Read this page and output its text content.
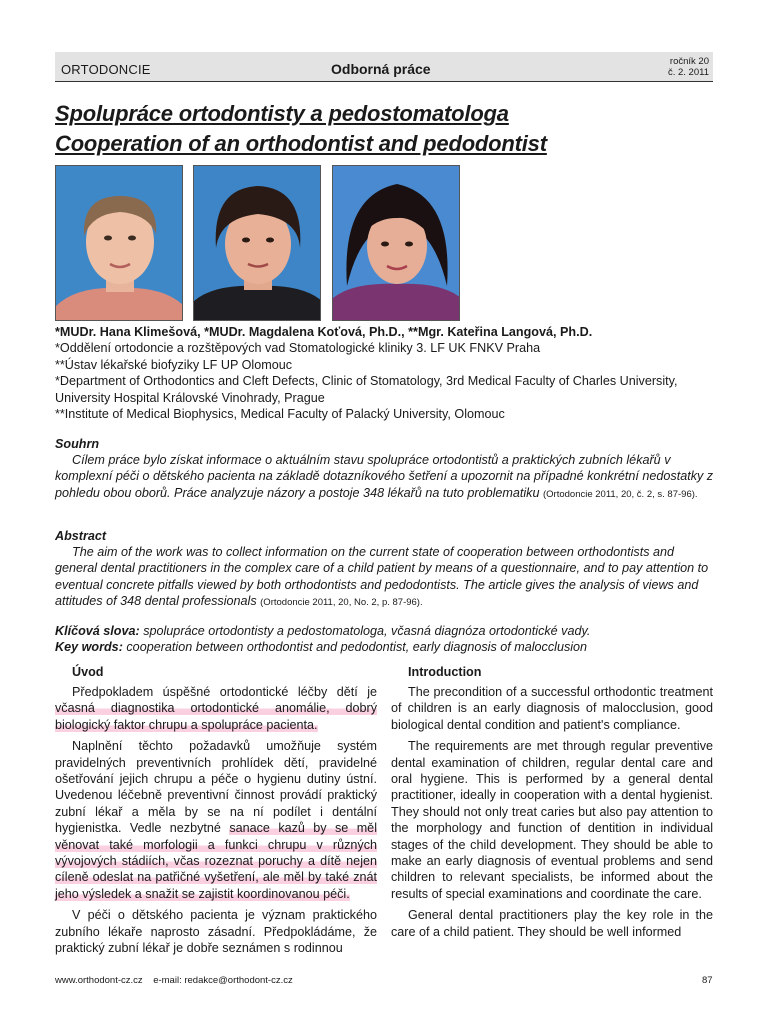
ORTODONCIE	Odborná práce	ročník 20
č. 2. 2011
Spolupráce ortodontisty a pedostomatologa
Cooperation of an orthodontist and pedodontist
*MUDr. Hana Klimešová, *MUDr. Magdalena Koťová, Ph.D., **Mgr. Kateřina Langová, Ph.D.
*Oddělení ortodoncie a rozštěpových vad Stomatologické kliniky 3. LF UK FNKV Praha
**Ústav lékařské biofyziky LF UP Olomouc
*Department of Orthodontics and Cleft Defects, Clinic of Stomatology, 3rd Medical Faculty of Charles University, University Hospital Královské Vinohrady, Prague
**Institute of Medical Biophysics, Medical Faculty of Palacký University, Olomouc
Souhrn
Cílem práce bylo získat informace o aktuálním stavu spolupráce ortodontistů a praktických zubních lékařů v komplexní péči o dětského pacienta na základě dotazníkového šetření a upozornit na případné konkrétní nedostatky z pohledu obou oborů. Práce analyzuje názory a postoje 348 lékařů na tuto problematiku (Ortodoncie 2011, 20, č. 2, s. 87-96).
Abstract
The aim of the work was to collect information on the current state of cooperation between orthodontists and general dental practitioners in the complex care of a child patient by means of a questionnaire, and to pay attention to eventual concrete pitfalls viewed by both orthodontists and pedodontists. The article gives the analysis of views and attitudes of 348 dental professionals (Ortodoncie 2011, 20, No. 2, p. 87-96).
Klíčová slova: spolupráce ortodontisty a pedostomatologa, včasná diagnóza ortodontické vady.
Key words: cooperation between orthodontist and pedodontist, early diagnosis of malocclusion
Úvod

Předpokladem úspěšné ortodontické léčby dětí je včasná diagnostika ortodontické anomálie, dobrý biologický faktor chrupu a spolupráce pacienta.

Naplnění těchto požadavků umožňuje systém pravidelných preventivních prohlídek dětí, pravidelné ošetřování jejich chrupu a péče o hygienu dutiny ústní. Uvedenou léčebně preventivní činnost provádí praktický zubní lékař a měla by se na ní podílet i dentální hygienistka. Vedle nezbytné sanace kazů by se měl věnovat také morfologii a funkci chrupu v různých vývojových stádiích, včas rozeznat poruchy a dítě nejen cíleně odeslat na patřičné vyšetření, ale měl by také znát jeho výsledek a snažit se zajistit koordinovanou péči.

V péči o dětského pacienta je význam praktického zubního lékaře naprosto zásadní. Předpokládáme, že praktický zubní lékař je dobře seznámen s rodinnou

Introduction

The precondition of a successful orthodontic treatment of children is an early diagnosis of malocclusion, good biological dental condition and patient's compliance.

The requirements are met through regular preventive dental examination of children, regular dental care and oral hygiene. This is performed by a general dental practitioner, ideally in cooperation with a dental hygienist. They should not only treat caries but also pay attention to the morphology and function of dentition in individual stages of the child development. They should be able to make an early diagnosis of eventual problems and send children to relevant specialists, be informed about the results of special examinations and coordinate the care.

General dental practitioners play the key role in the care of a child patient. They should be well informed

www.orthodont-cz.cz    e-mail: redakce@orthodont-cz.cz	87
